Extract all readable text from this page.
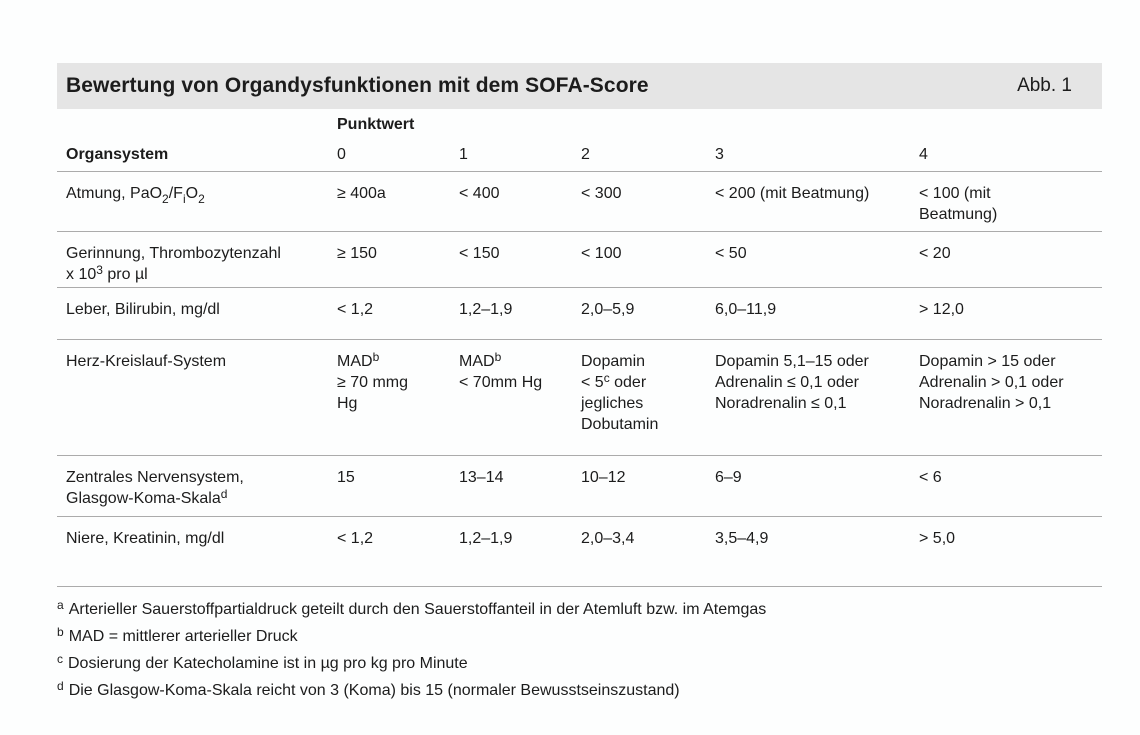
Bewertung von Organdysfunktionen mit dem SOFA-Score	Abb. 1
	Punktwert				
Organsystem	0	1	2	3	4
Atmung, $PaO_2/F_iO_2$	≥ 400a	< 400	< 300	< 200 (mit Beatmung)	< 100 (mit
Beatmung)
Gerinnung, Thrombozytenzahl
x $10^3$ pro µl	≥ 150	< 150	< 100	< 50	< 20
Leber, Bilirubin, mg/dl	< 1,2	1,2–1,9	2,0–5,9	6,0–11,9	> 12,0
Herz-Kreislauf-System	$MAD^b$
≥ 70 mmg
Hg	$MAD^b$
< 70mm Hg	Dopamin
< $5^c$ oder
jegliches
Dobutamin	Dopamin 5,1–15 oder
Adrenalin ≤ 0,1 oder
Noradrenalin ≤ 0,1	Dopamin > 15 oder
Adrenalin > 0,1 oder
Noradrenalin > 0,1
Zentrales Nervensystem,
Glasgow-Koma-Skala$^d$	15	13–14	10–12	6–9	< 6
Niere, Kreatinin, mg/dl	< 1,2	1,2–1,9	2,0–3,4	3,5–4,9	> 5,0
$^a$ Arterieller Sauerstoffpartialdruck geteilt durch den Sauerstoffanteil in der Atemluft bzw. im Atemgas
$^b$ MAD = mittlerer arterieller Druck
$^c$ Dosierung der Katecholamine ist in µg pro kg pro Minute
$^d$ Die Glasgow-Koma-Skala reicht von 3 (Koma) bis 15 (normaler Bewusstseinszustand)
